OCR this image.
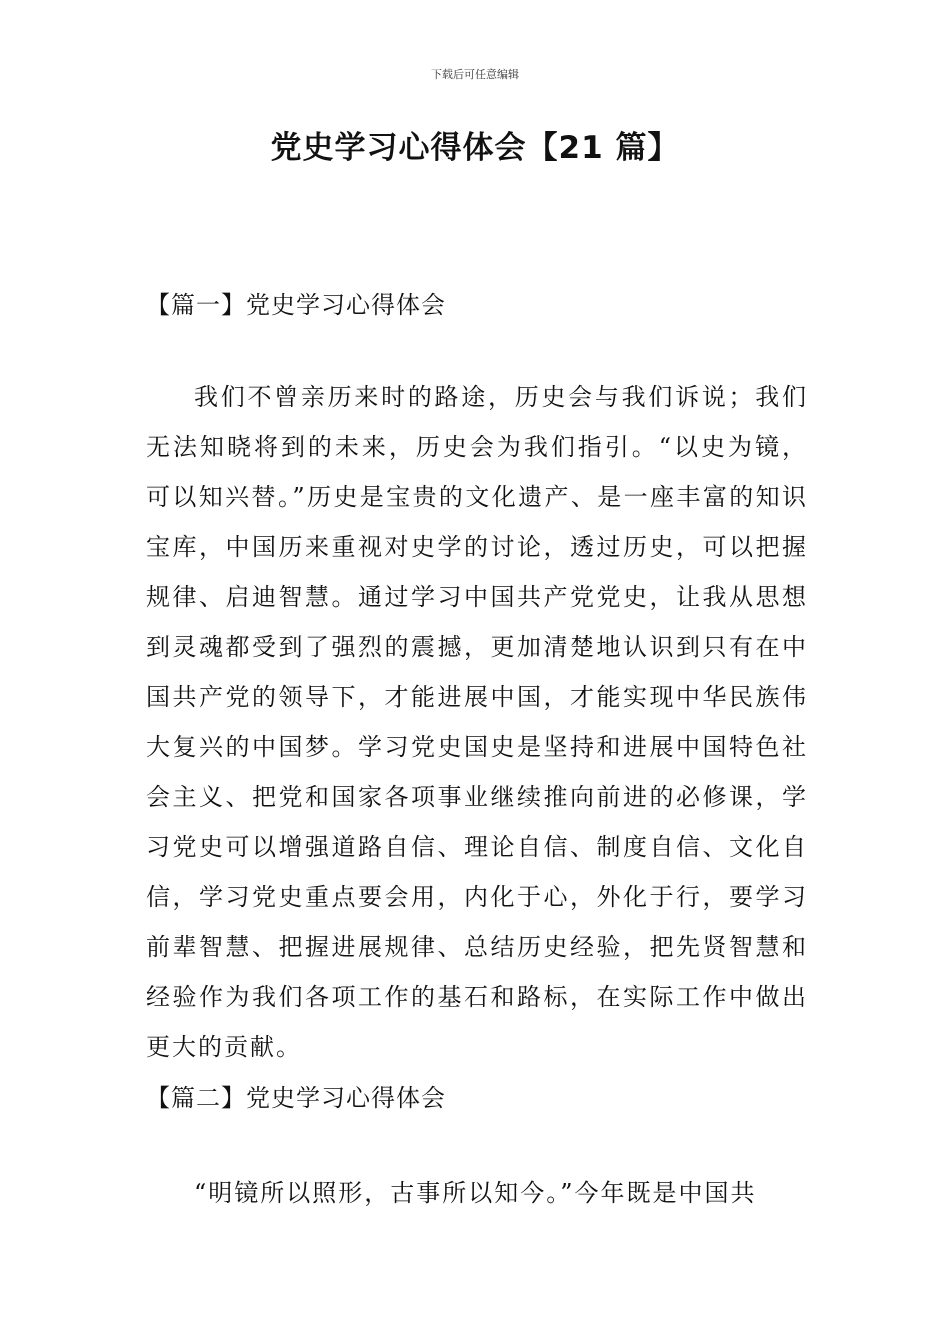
下载后可任意编辑
党史学习心得体会【21 篇】
【篇一】党史学习心得体会

我们不曾亲历来时的路途，历史会与我们诉说；我们无法知晓将到的未来，历史会为我们指引。“以史为镜，可以知兴替。”历史是宝贵的文化遗产、是一座丰富的知识宝库，中国历来重视对史学的讨论，透过历史，可以把握规律、启迪智慧。通过学习中国共产党党史，让我从思想到灵魂都受到了强烈的震撼，更加清楚地认识到只有在中国共产党的领导下，才能进展中国，才能实现中华民族伟大复兴的中国梦。学习党史国史是坚持和进展中国特色社会主义、把党和国家各项事业继续推向前进的必修课，学习党史可以增强道路自信、理论自信、制度自信、文化自信，学习党史重点要会用，内化于心，外化于行，要学习前辈智慧、把握进展规律、总结历史经验，把先贤智慧和经验作为我们各项工作的基石和路标，在实际工作中做出更大的贡献。

【篇二】党史学习心得体会

“明镜所以照形，古事所以知今。”今年既是中国共
